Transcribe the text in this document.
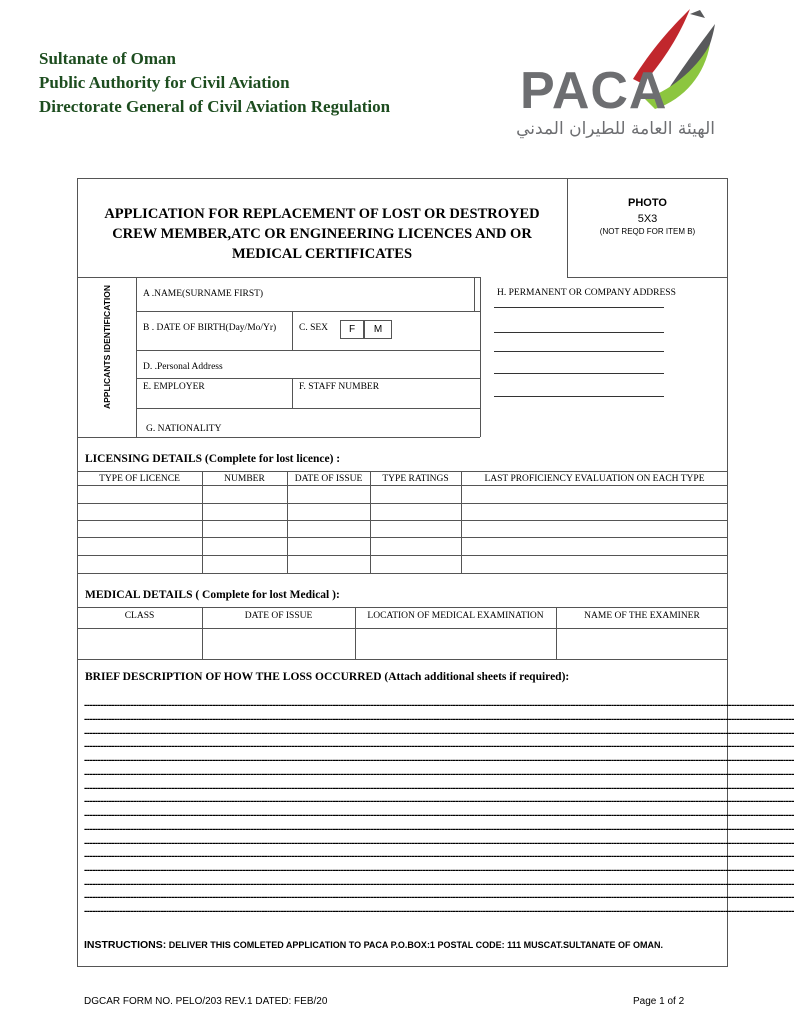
Sultanate of Oman
Public Authority for Civil Aviation
Directorate General of Civil Aviation Regulation PACA
الهيئة العامة للطيران المدني
PHOTO
5X3
(NOT REQD FOR ITEM B)
APPLICATION FOR REPLACEMENT OF LOST OR DESTROYED
CREW MEMBER,ATC OR ENGINEERING LICENCES AND OR
MEDICAL CERTIFICATES
APPLICANTS IDENTIFICATION	A .NAME(SURNAME FIRST)
B . DATE OF BIRTH(Day/Mo/Yr) C. SEX	F	M
D. .Personal Address
E. EMPLOYER	F. STAFF NUMBER
G. NATIONALITY
H. PERMANENT OR COMPANY ADDRESS
LICENSING DETAILS (Complete for lost licence) :
TYPE OF LICENCE	NUMBER	DATE OF ISSUE	TYPE RATINGS	LAST PROFICIENCY EVALUATION ON EACH TYPE
MEDICAL DETAILS ( Complete for lost Medical ):
CLASS	DATE OF ISSUE	LOCATION OF MEDICAL EXAMINATION	NAME OF THE EXAMINER
BRIEF DESCRIPTION OF HOW THE LOSS OCCURRED (Attach additional sheets if required):
--------------------------------------------------------------------------------------------------------------------------------------------------------------------------------------------------------------------------------------------------------------------
--------------------------------------------------------------------------------------------------------------------------------------------------------------------------------------------------------------------------------------------------------------------
--------------------------------------------------------------------------------------------------------------------------------------------------------------------------------------------------------------------------------------------------------------------
--------------------------------------------------------------------------------------------------------------------------------------------------------------------------------------------------------------------------------------------------------------------
--------------------------------------------------------------------------------------------------------------------------------------------------------------------------------------------------------------------------------------------------------------------
--------------------------------------------------------------------------------------------------------------------------------------------------------------------------------------------------------------------------------------------------------------------
--------------------------------------------------------------------------------------------------------------------------------------------------------------------------------------------------------------------------------------------------------------------
--------------------------------------------------------------------------------------------------------------------------------------------------------------------------------------------------------------------------------------------------------------------
--------------------------------------------------------------------------------------------------------------------------------------------------------------------------------------------------------------------------------------------------------------------
--------------------------------------------------------------------------------------------------------------------------------------------------------------------------------------------------------------------------------------------------------------------
--------------------------------------------------------------------------------------------------------------------------------------------------------------------------------------------------------------------------------------------------------------------
--------------------------------------------------------------------------------------------------------------------------------------------------------------------------------------------------------------------------------------------------------------------
--------------------------------------------------------------------------------------------------------------------------------------------------------------------------------------------------------------------------------------------------------------------
--------------------------------------------------------------------------------------------------------------------------------------------------------------------------------------------------------------------------------------------------------------------
--------------------------------------------------------------------------------------------------------------------------------------------------------------------------------------------------------------------------------------------------------------------
--------------------------------------------------------------------------------------------------------------------------------------------------------------------------------------------------------------------------------------------------------------------
INSTRUCTIONS: DELIVER THIS COMLETED APPLICATION TO PACA P.O.BOX:1 POSTAL CODE: 111 MUSCAT.SULTANATE OF OMAN.
DGCAR FORM NO. PELO/203 REV.1 DATED: FEB/20	Page 1 of 2
